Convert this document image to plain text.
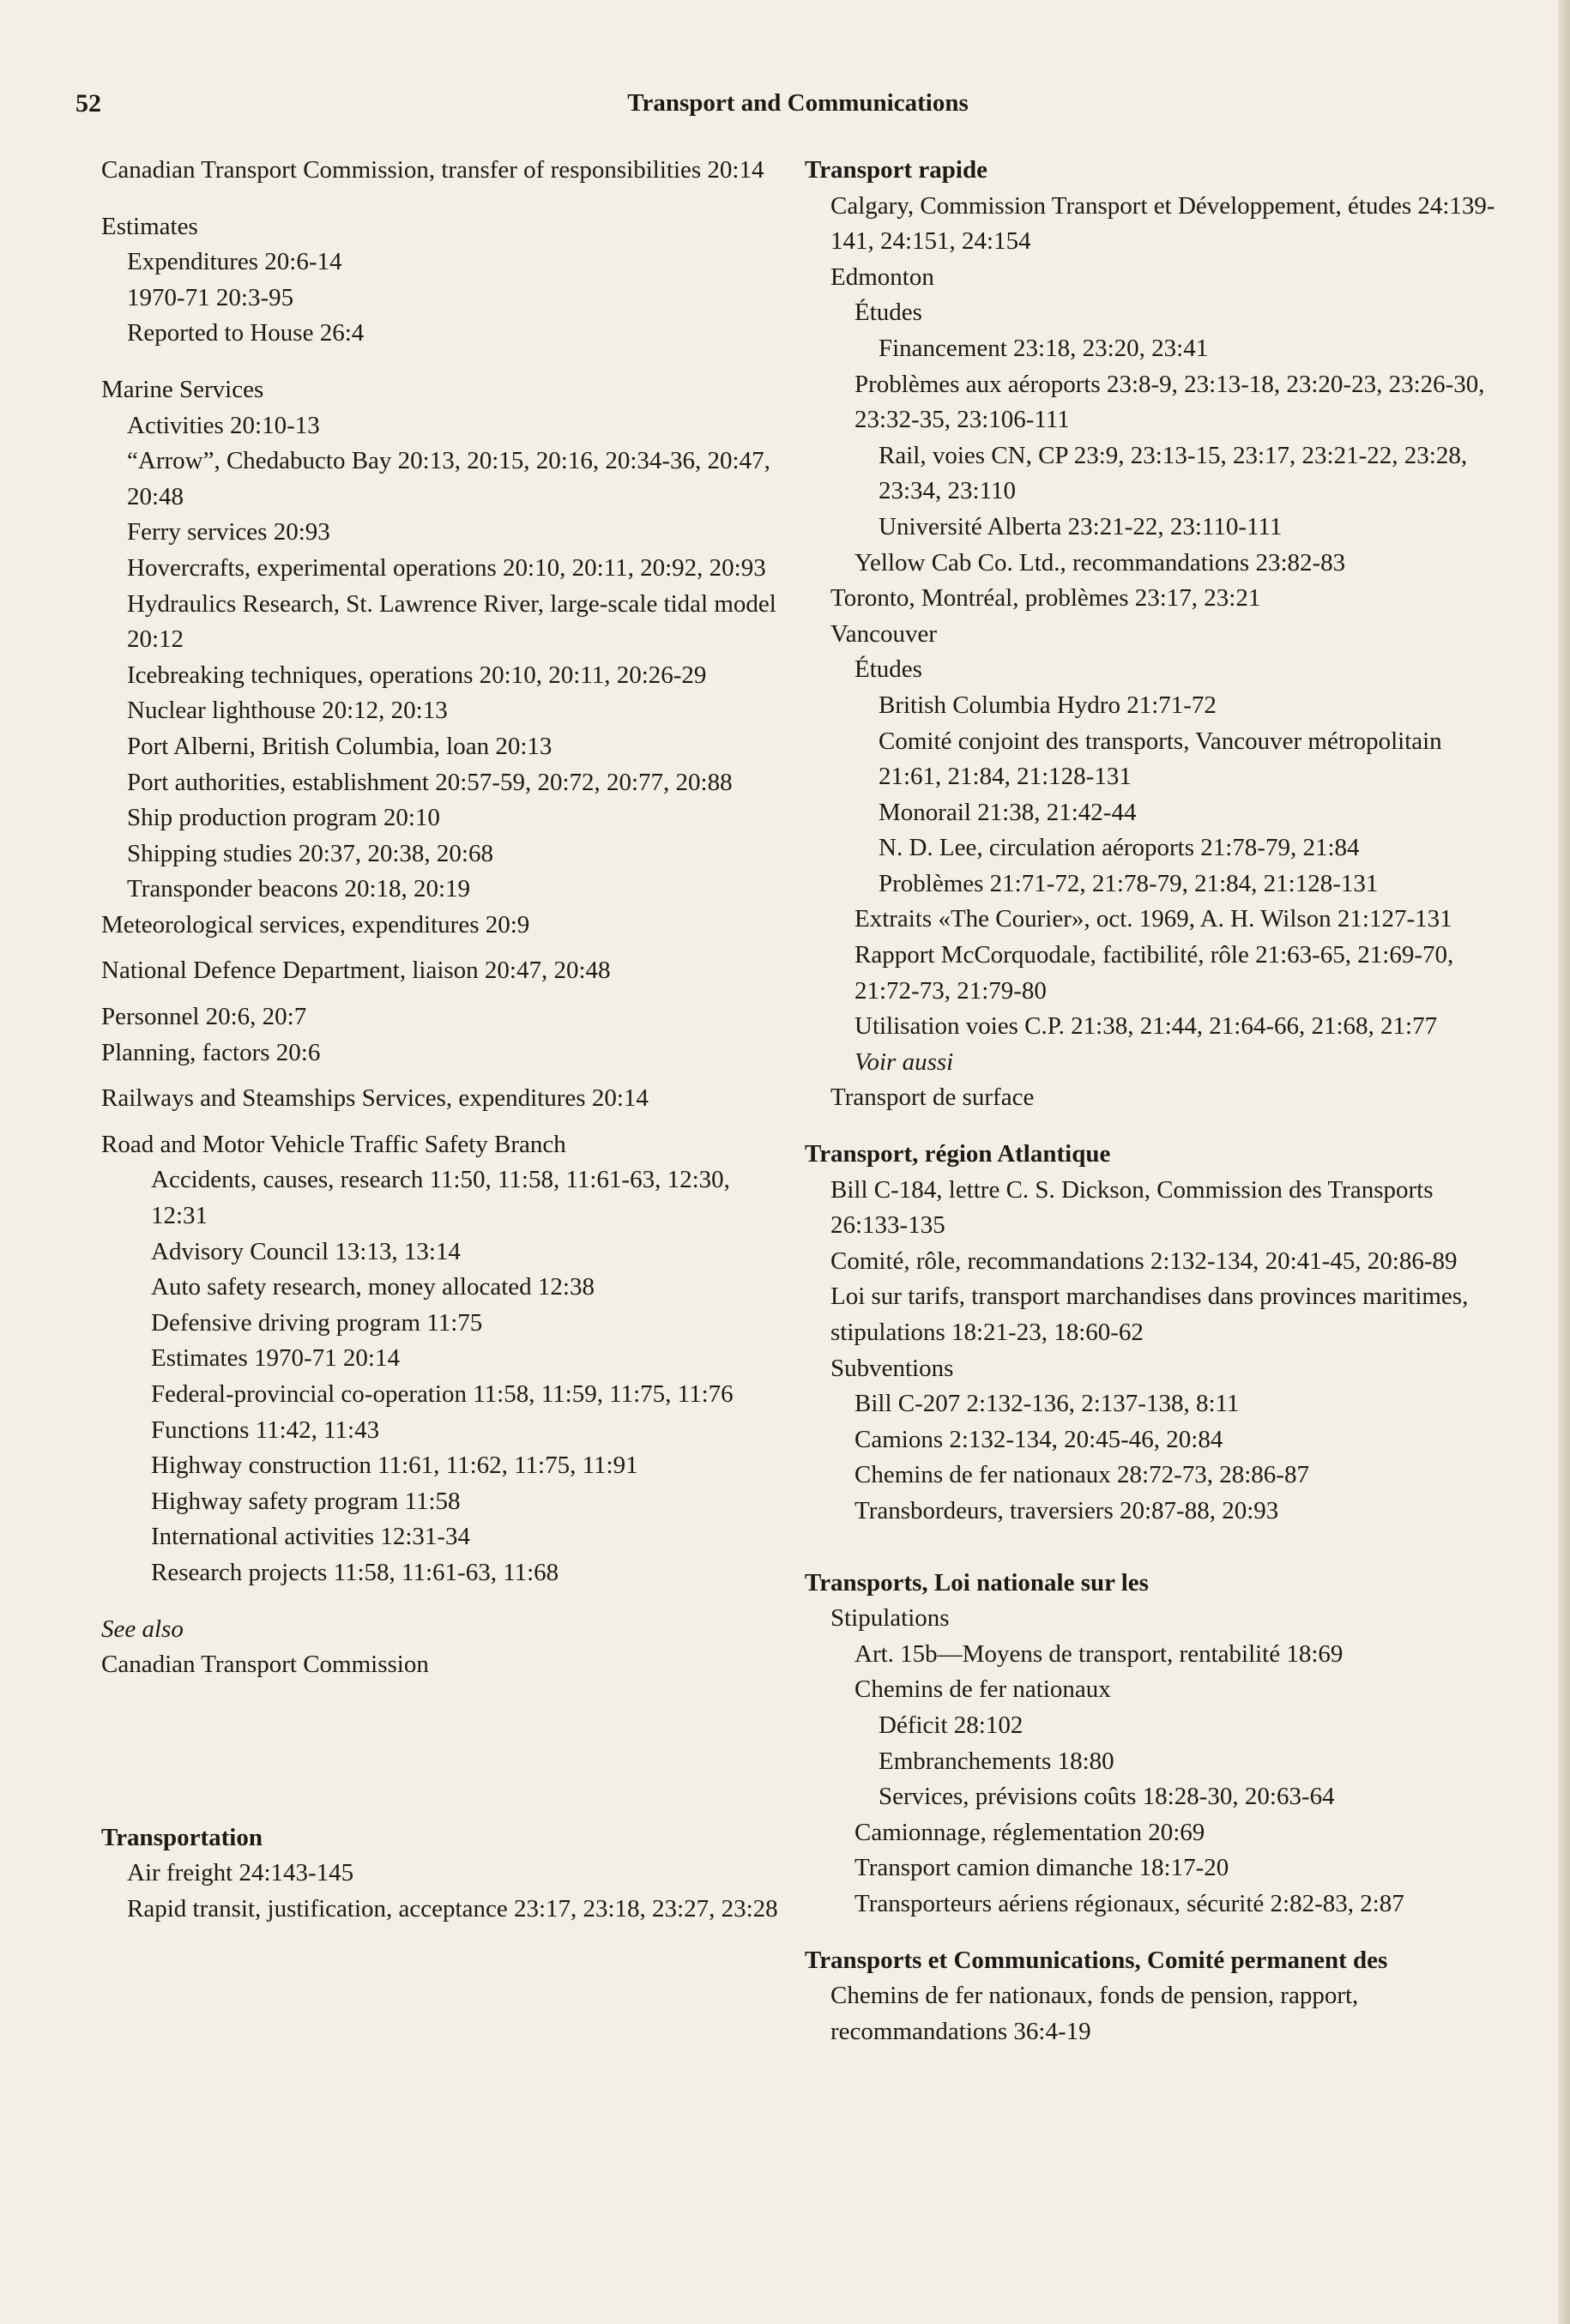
52	Transport and Communications

Canadian Transport Commission, transfer of responsibilities 20:14

Estimates

Expenditures 20:6-14

1970-71 20:3-95

Reported to House 26:4

Marine Services

Activities 20:10-13

“Arrow”, Chedabucto Bay 20:13, 20:15, 20:16, 20:34-36, 20:47, 20:48

Ferry services 20:93

Hovercrafts, experimental operations 20:10, 20:11, 20:92, 20:93

Hydraulics Research, St. Lawrence River, large-scale tidal model 20:12

Icebreaking techniques, operations 20:10, 20:11, 20:26-29

Nuclear lighthouse 20:12, 20:13

Port Alberni, British Columbia, loan 20:13

Port authorities, establishment 20:57-59, 20:72, 20:77, 20:88

Ship production program 20:10

Shipping studies 20:37, 20:38, 20:68

Transponder beacons 20:18, 20:19

Meteorological services, expenditures 20:9

National Defence Department, liaison 20:47, 20:48

Personnel 20:6, 20:7

Planning, factors 20:6

Railways and Steamships Services, expenditures 20:14

Road and Motor Vehicle Traffic Safety Branch

Accidents, causes, research 11:50, 11:58, 11:61-63, 12:30, 12:31

Advisory Council 13:13, 13:14

Auto safety research, money allocated 12:38

Defensive driving program 11:75

Estimates 1970-71 20:14

Federal-provincial co-operation 11:58, 11:59, 11:75, 11:76

Functions 11:42, 11:43

Highway construction 11:61, 11:62, 11:75, 11:91

Highway safety program 11:58

International activities 12:31-34

Research projects 11:58, 11:61-63, 11:68

See also

Canadian Transport Commission

Transportation

Air freight 24:143-145

Rapid transit, justification, acceptance 23:17, 23:18, 23:27, 23:28

Transport rapide

Calgary, Commission Transport et Développement, études 24:139-141, 24:151, 24:154

Edmonton

Études

Financement 23:18, 23:20, 23:41

Problèmes aux aéroports 23:8-9, 23:13-18, 23:20-23, 23:26-30, 23:32-35, 23:106-111

Rail, voies CN, CP 23:9, 23:13-15, 23:17, 23:21-22, 23:28, 23:34, 23:110

Université Alberta 23:21-22, 23:110-111

Yellow Cab Co. Ltd., recommandations 23:82-83

Toronto, Montréal, problèmes 23:17, 23:21

Vancouver

Études

British Columbia Hydro 21:71-72

Comité conjoint des transports, Vancouver métropolitain 21:61, 21:84, 21:128-131

Monorail 21:38, 21:42-44

N. D. Lee, circulation aéroports 21:78-79, 21:84

Problèmes 21:71-72, 21:78-79, 21:84, 21:128-131

Extraits «The Courier», oct. 1969, A. H. Wilson 21:127-131

Rapport McCorquodale, factibilité, rôle 21:63-65, 21:69-70, 21:72-73, 21:79-80

Utilisation voies C.P. 21:38, 21:44, 21:64-66, 21:68, 21:77

Voir aussi

Transport de surface

Transport, région Atlantique

Bill C-184, lettre C. S. Dickson, Commission des Transports 26:133-135

Comité, rôle, recommandations 2:132-134, 20:41-45, 20:86-89

Loi sur tarifs, transport marchandises dans provinces maritimes, stipulations 18:21-23, 18:60-62

Subventions

Bill C-207 2:132-136, 2:137-138, 8:11

Camions 2:132-134, 20:45-46, 20:84

Chemins de fer nationaux 28:72-73, 28:86-87

Transbordeurs, traversiers 20:87-88, 20:93

Transports, Loi nationale sur les

Stipulations

Art. 15b—Moyens de transport, rentabilité 18:69

Chemins de fer nationaux

Déficit 28:102

Embranchements 18:80

Services, prévisions coûts 18:28-30, 20:63-64

Camionnage, réglementation 20:69

Transport camion dimanche 18:17-20

Transporteurs aériens régionaux, sécurité 2:82-83, 2:87

Transports et Communications, Comité permanent des

Chemins de fer nationaux, fonds de pension, rapport, recommandations 36:4-19
